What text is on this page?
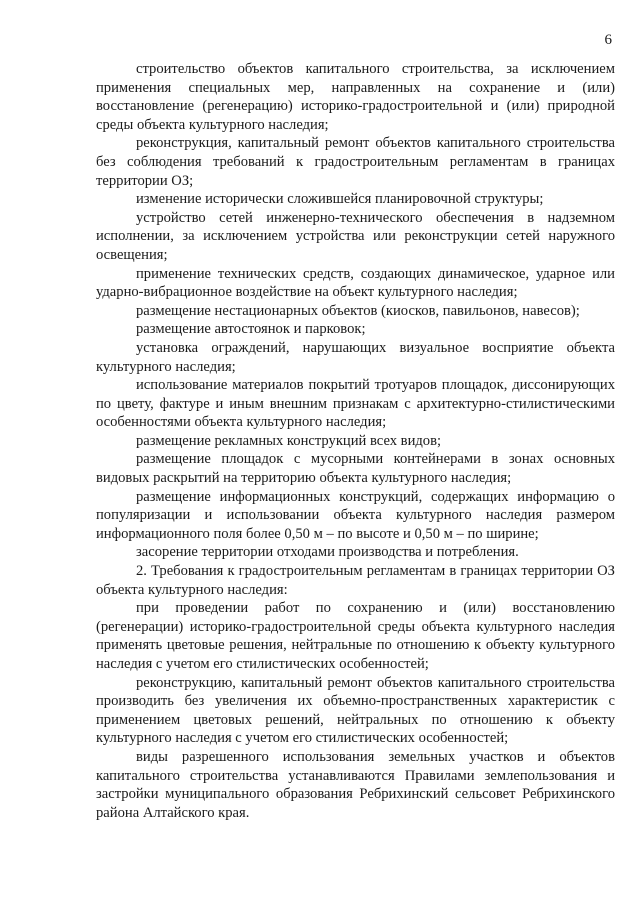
6

строительство объектов капитального строительства, за исключением применения специальных мер, направленных на сохранение и (или) восстановление (регенерацию) историко-градостроительной и (или) природной среды объекта культурного наследия;

реконструкция, капитальный ремонт объектов капитального строительства без соблюдения требований к градостроительным регламентам в границах территории ОЗ;

изменение исторически сложившейся планировочной структуры;

устройство сетей инженерно-технического обеспечения в надземном исполнении, за исключением устройства или реконструкции сетей наружного освещения;

применение технических средств, создающих динамическое, ударное или ударно-вибрационное воздействие на объект культурного наследия;

размещение нестационарных объектов (киосков, павильонов, навесов);

размещение автостоянок и парковок;

установка ограждений, нарушающих визуальное восприятие объекта культурного наследия;

использование материалов покрытий тротуаров площадок, диссонирующих по цвету, фактуре и иным внешним признакам с архитектурно-стилистическими особенностями объекта культурного наследия;

размещение рекламных конструкций всех видов;

размещение площадок с мусорными контейнерами в зонах основных видовых раскрытий на территорию объекта культурного наследия;

размещение информационных конструкций, содержащих информацию о популяризации и использовании объекта культурного наследия размером информационного поля более 0,50 м – по высоте и 0,50 м – по ширине;

засорение территории отходами производства и потребления.

2. Требования к градостроительным регламентам в границах территории ОЗ объекта культурного наследия:

при проведении работ по сохранению и (или) восстановлению (регенерации) историко-градостроительной среды объекта культурного наследия применять цветовые решения, нейтральные по отношению к объекту культурного наследия с учетом его стилистических особенностей;

реконструкцию, капитальный ремонт объектов капитального строительства производить без увеличения их объемно-пространственных характеристик с применением цветовых решений, нейтральных по отношению к объекту культурного наследия с учетом его стилистических особенностей;

виды разрешенного использования земельных участков и объектов капитального строительства устанавливаются Правилами землепользования и застройки муниципального образования Ребрихинский сельсовет Ребрихинского района Алтайского края.
